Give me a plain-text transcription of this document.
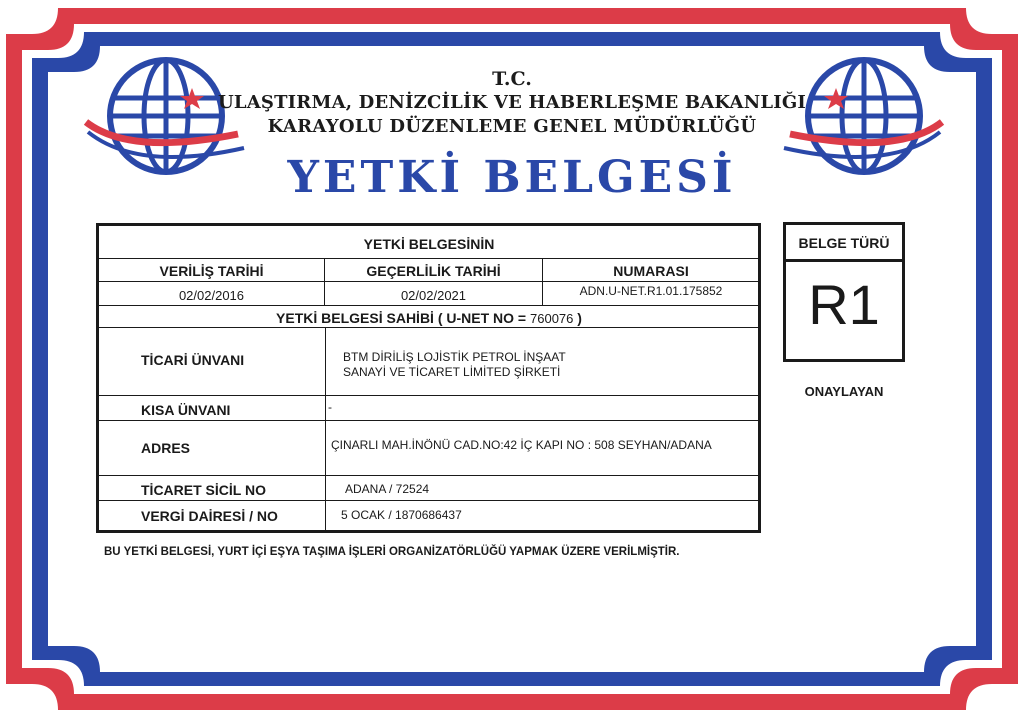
T.C.
ULAŞTIRMA, DENİZCİLİK VE HABERLEŞME BAKANLIĞI
KARAYOLU DÜZENLEME GENEL MÜDÜRLÜĞÜ
YETKİ BELGESİ
YETKİ BELGESİNİN
VERİLİŞ TARİHİ	GEÇERLİLİK TARİHİ	NUMARASI
02/02/2016	02/02/2021	ADN.U-NET.R1.01.175852
YETKİ BELGESİ SAHİBİ ( U-NET NO = 760076 )
TİCARİ ÜNVANI	BTM DİRİLİŞ LOJİSTİK PETROL İNŞAAT
SANAYİ VE TİCARET LİMİTED ŞİRKETİ
KISA ÜNVANI	-
ADRES	ÇINARLI MAH.İNÖNÜ CAD.NO:42 İÇ KAPI NO : 508 SEYHAN/ADANA
TİCARET SİCİL NO	ADANA / 72524
VERGİ DAİRESİ / NO	5 OCAK / 1870686437
BELGE TÜRÜ
R1
ONAYLAYAN
BU YETKİ BELGESİ, YURT İÇİ EŞYA TAŞIMA İŞLERİ ORGANİZATÖRLÜĞÜ YAPMAK ÜZERE VERİLMİŞTİR.
